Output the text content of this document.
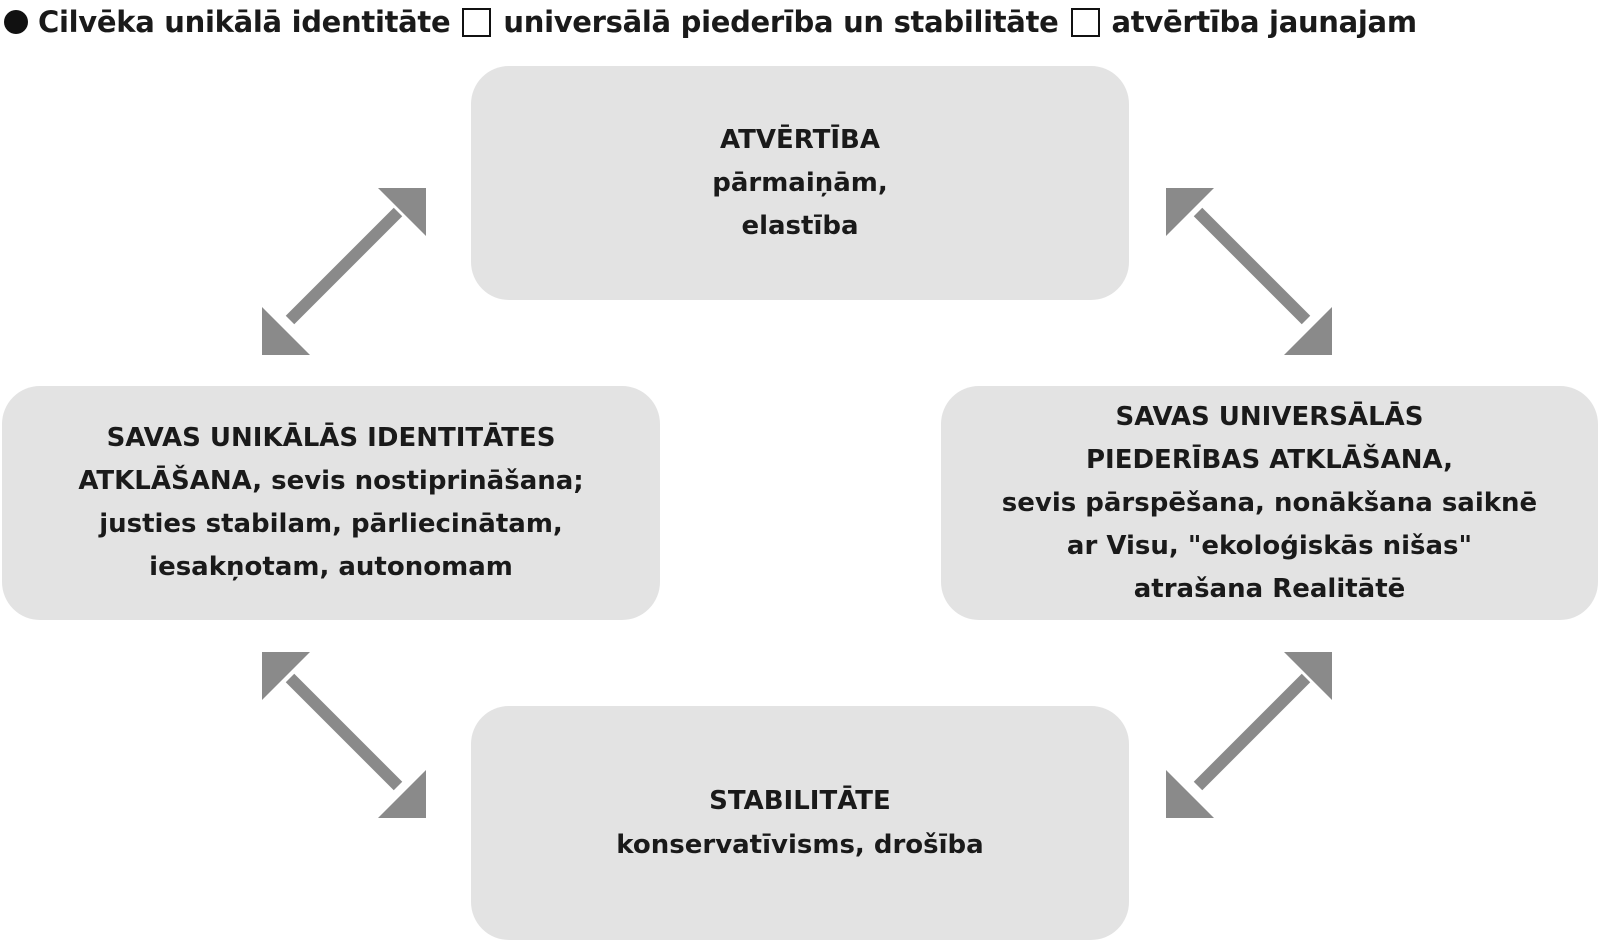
Cilvēka unikālā identitāte universālā piederība un stabilitāte atvērtība jaunajam
ATVĒRTĪBA
pārmaiņām,
elastība
SAVAS UNIKĀLĀS IDENTITĀTES
ATKLĀŠANA, sevis nostiprināšana;
justies stabilam, pārliecinātam,
iesakņotam, autonomam
SAVAS UNIVERSĀLĀS
PIEDERĪBAS ATKLĀŠANA,
sevis pārspēšana, nonākšana saiknē
ar Visu, "ekoloģiskās nišas"
atrašana Realitātē
STABILITĀTE
konservatīvisms, drošība
